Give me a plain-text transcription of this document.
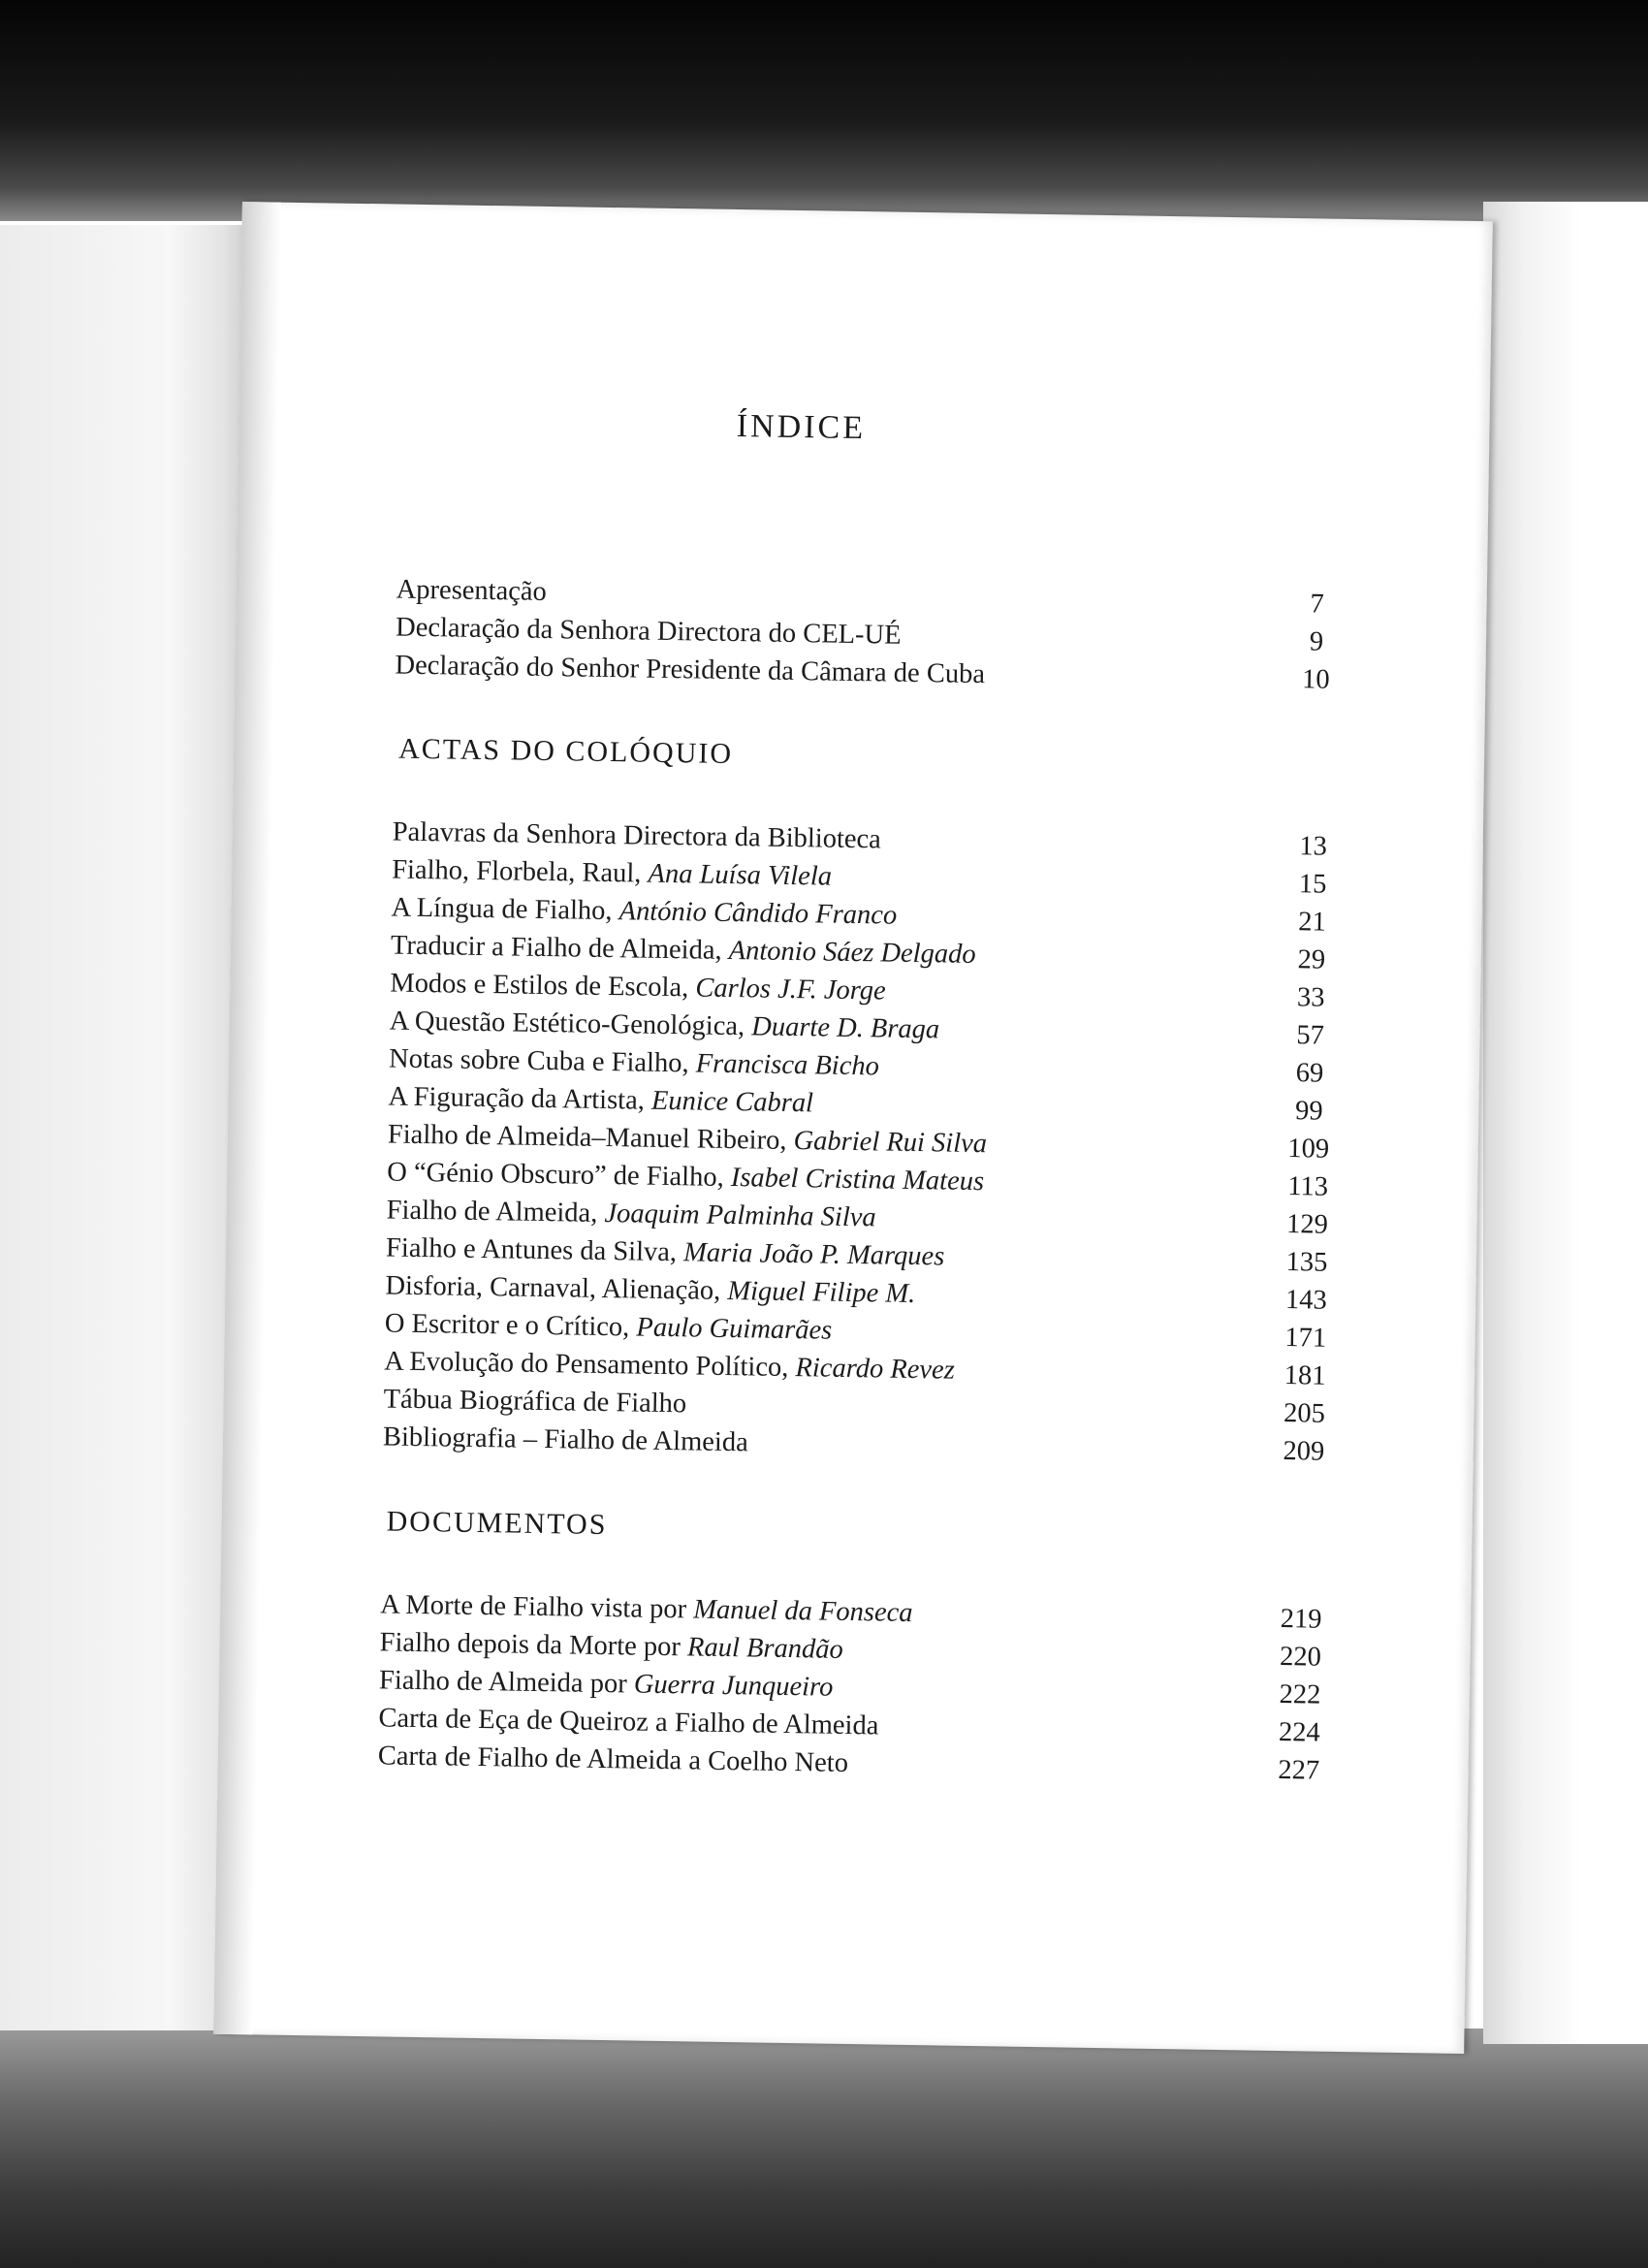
ÍNDICE
Apresentação	7
Declaração da Senhora Directora do CEL-UÉ	9
Declaração do Senhor Presidente da Câmara de Cuba	10
ACTAS DO COLÓQUIO
Palavras da Senhora Directora da Biblioteca	13
Fialho, Florbela, Raul, Ana Luísa Vilela	15
A Língua de Fialho, António Cândido Franco	21
Traducir a Fialho de Almeida, Antonio Sáez Delgado	29
Modos e Estilos de Escola, Carlos J.F. Jorge	33
A Questão Estético-Genológica, Duarte D. Braga	57
Notas sobre Cuba e Fialho, Francisca Bicho	69
A Figuração da Artista, Eunice Cabral	99
Fialho de Almeida–Manuel Ribeiro, Gabriel Rui Silva	109
O “Génio Obscuro” de Fialho, Isabel Cristina Mateus	113
Fialho de Almeida, Joaquim Palminha Silva	129
Fialho e Antunes da Silva, Maria João P. Marques	135
Disforia, Carnaval, Alienação, Miguel Filipe M.	143
O Escritor e o Crítico, Paulo Guimarães	171
A Evolução do Pensamento Político, Ricardo Revez	181
Tábua Biográfica de Fialho	205
Bibliografia – Fialho de Almeida	209
DOCUMENTOS
A Morte de Fialho vista por Manuel da Fonseca	219
Fialho depois da Morte por Raul Brandão	220
Fialho de Almeida por Guerra Junqueiro	222
Carta de Eça de Queiroz a Fialho de Almeida	224
Carta de Fialho de Almeida a Coelho Neto	227
